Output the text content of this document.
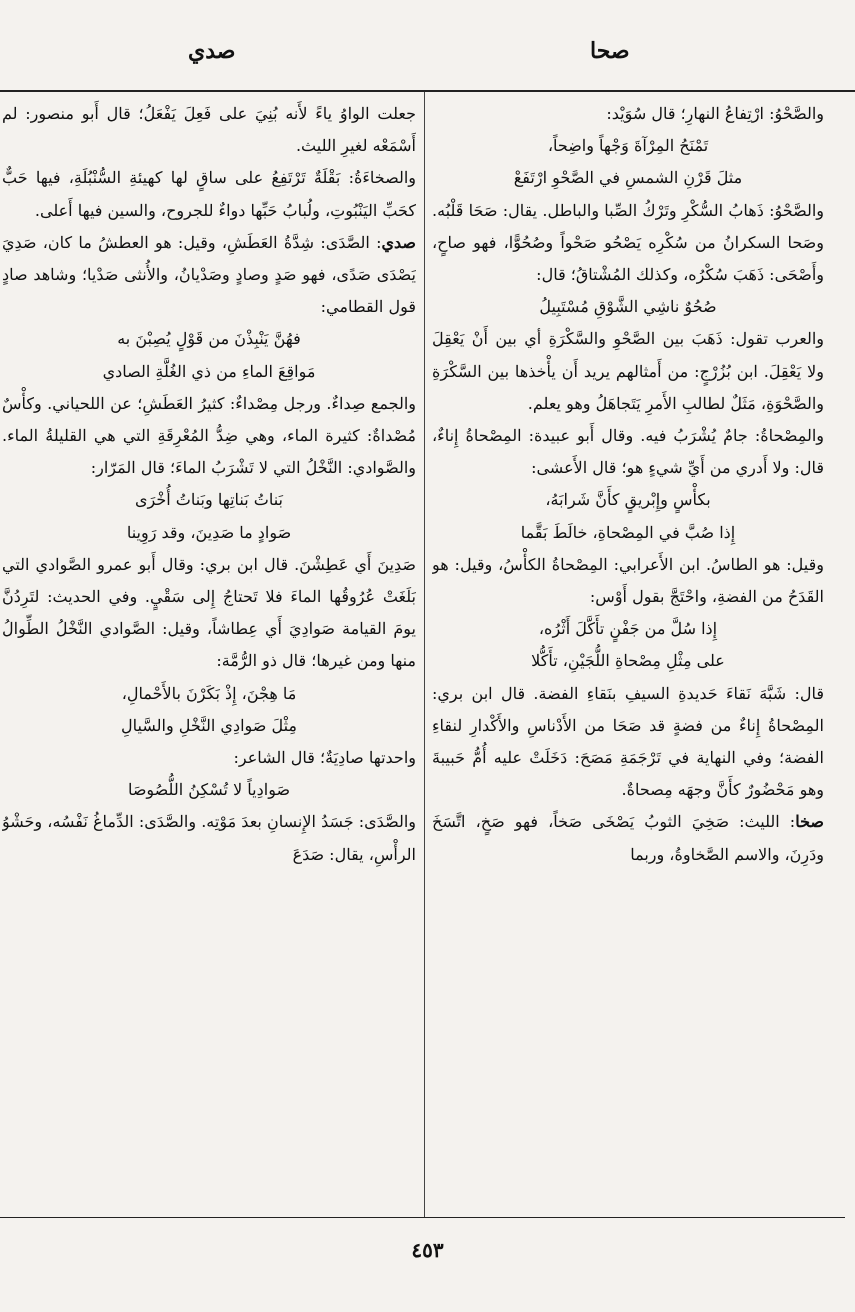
صحا
صدي

والصَّحْوُ: ارْتِفاعُ النهارِ؛ قال سُوَيْد:

تَمْنَحُ المِرْآةَ وَجْهاً واضِحاً،

مثلَ قَرْنِ الشمسِ في الصَّحْوِ ارْتَفَعْ

والصَّحْوُ: ذَهابُ السُّكْرِ وتَرْكُ الصِّبا والباطل. يقال: صَحَا قَلْبُه. وصَحا السكرانُ من سُكْرِه يَصْحُو صَحْواً وصُحُوًّا، فهو صاحٍ، وأَصْحَى: ذَهَبَ سُكْرُه، وكذلك المُشْتاقُ؛ قال:

صُحُوٌ ناشِي الشَّوْقِ مُسْتَبِيلُ

والعرب تقول: ذَهَبَ بين الصَّحْوِ والسَّكْرَةِ أي بين أَنْ يَعْقِلَ ولا يَعْقِلَ. ابن بُزُرْجٍ: من أَمثالهم يريد أَن يأْخذها بين السَّكْرَةِ والصَّحْوَةِ، مَثَلٌ لطالبِ الأَمرِ يَتَجاهَلُ وهو يعلم.

والمِصْحاةُ: جامٌ يُشْرَبُ فيه. وقال أَبو عبيدة: المِصْحاةُ إِناءٌ، قال: ولا أَدري من أَيِّ شيءٍ هو؛ قال الأَعشى:

بكأْسٍ وإِبْريقٍ كأَنَّ شَرابَهُ،

إِذا صُبَّ في المِصْحاةِ، خالَطَ بَقَّما

وقيل: هو الطاسُ. ابن الأَعرابي: المِصْحاةُ الكأْسُ، وقيل: هو القَدَحُ من الفضةِ، واحْتَجَّ بقول أَوْس:

إِذا سُلَّ من جَفْنٍ تأَكَّلَ أَثْرُه،

على مِثْلِ مِصْحاةِ اللُّجَيْنِ، تأَكُّلا

قال: شَبَّهَ نَقاءَ حَديدةِ السيفِ بنَقاءِ الفضة. قال ابن بري: المِصْحاةُ إِناءٌ من فضةٍ قد صَحَا من الأَدْناسِ والأَكْدارِ لنقاءِ الفضة؛ وفي النهاية في تَرْجَمَةِ مَصَحَ: دَخَلَتْ عليه أُمُّ حَبيبةَ وهو مَحْضُورٌ كأَنَّ وجهَه مِصحاةٌ.

صخا: الليث: صَخِيَ الثوبُ يَصْخَى صَخاً، فهو صَخٍ، اتَّسَخَ ودَرِنَ، والاسم الصَّخاوةُ، وربما

جعلت الواوُ ياءً لأَنه بُنِيَ على فَعِلَ يَفْعَلُ؛ قال أَبو منصور: لم أَسْمَعْه لغيرِ الليث.

والصخاءَةُ: بَقْلَةٌ تَرْتَفِعُ على ساقٍ لها كهيئةِ السُّنْبُلَةِ، فيها حَبٌّ كحَبِّ اليَنْبُوتِ، ولُبابُ حَبِّها دواءٌ للجروح، والسين فيها أَعلى.

صدي: الصَّدَى: شِدَّةُ العَطَشِ، وقيل: هو العطشُ ما كان، صَدِيَ يَصْدَى صَدًى، فهو صَدٍ وصادٍ وصَدْيانُ، والأُنثى صَدْيا؛ وشاهد صادٍ قول القطامي:

فهُنَّ يَنْبِذْنَ من قَوْلٍ يُصِبْنَ به

مَواقِعَ الماءِ من ذي الغُلَّةِ الصادي

والجمع صِداءٌ. ورجل مِصْداءٌ: كثيرُ العَطَشِ؛ عن اللحياني. وكأْسٌ مُصْداةٌ: كثيرة الماء، وهي ضِدُّ المُعْرِقَةِ التي هي القليلةُ الماء. والصَّوادي: النَّخْلُ التي لا تَشْرَبُ الماءَ؛ قال المَرّار:

بَناتُ بَناتِها وبَناتُ أُخْرَى

صَوادٍ ما صَدِينَ، وقد رَوِينا

صَدِينَ أَي عَطِشْنَ. قال ابن بري: وقال أَبو عمرو الصَّوادي التي بَلَغَتْ عُرُوقُها الماءَ فلا تَحتاجُ إِلى سَقْيٍ. وفي الحديث: لتَرِدُنَّ يومَ القيامة صَوادِيَ أَي عِطاشاً، وقيل: الصَّوادي النَّخْلُ الطِّوالُ منها ومن غيرها؛ قال ذو الرُّمَّة:

مَا هِجْنَ، إِذْ بَكَرْنَ بالأَحْمالِ،

مِثْلَ صَوادِي النَّخْلِ والسَّيالِ

واحدتها صادِيَةٌ؛ قال الشاعر:

صَوادِياً لا تُسْكِنُ اللُّصُوصَا

والصَّدَى: جَسَدُ الإِنسانِ بعدَ مَوْتِه. والصَّدَى: الدِّماغُ نَفْسُه، وحَشْوُ الرأْسِ، يقال: صَدَعَ

٤٥٣
